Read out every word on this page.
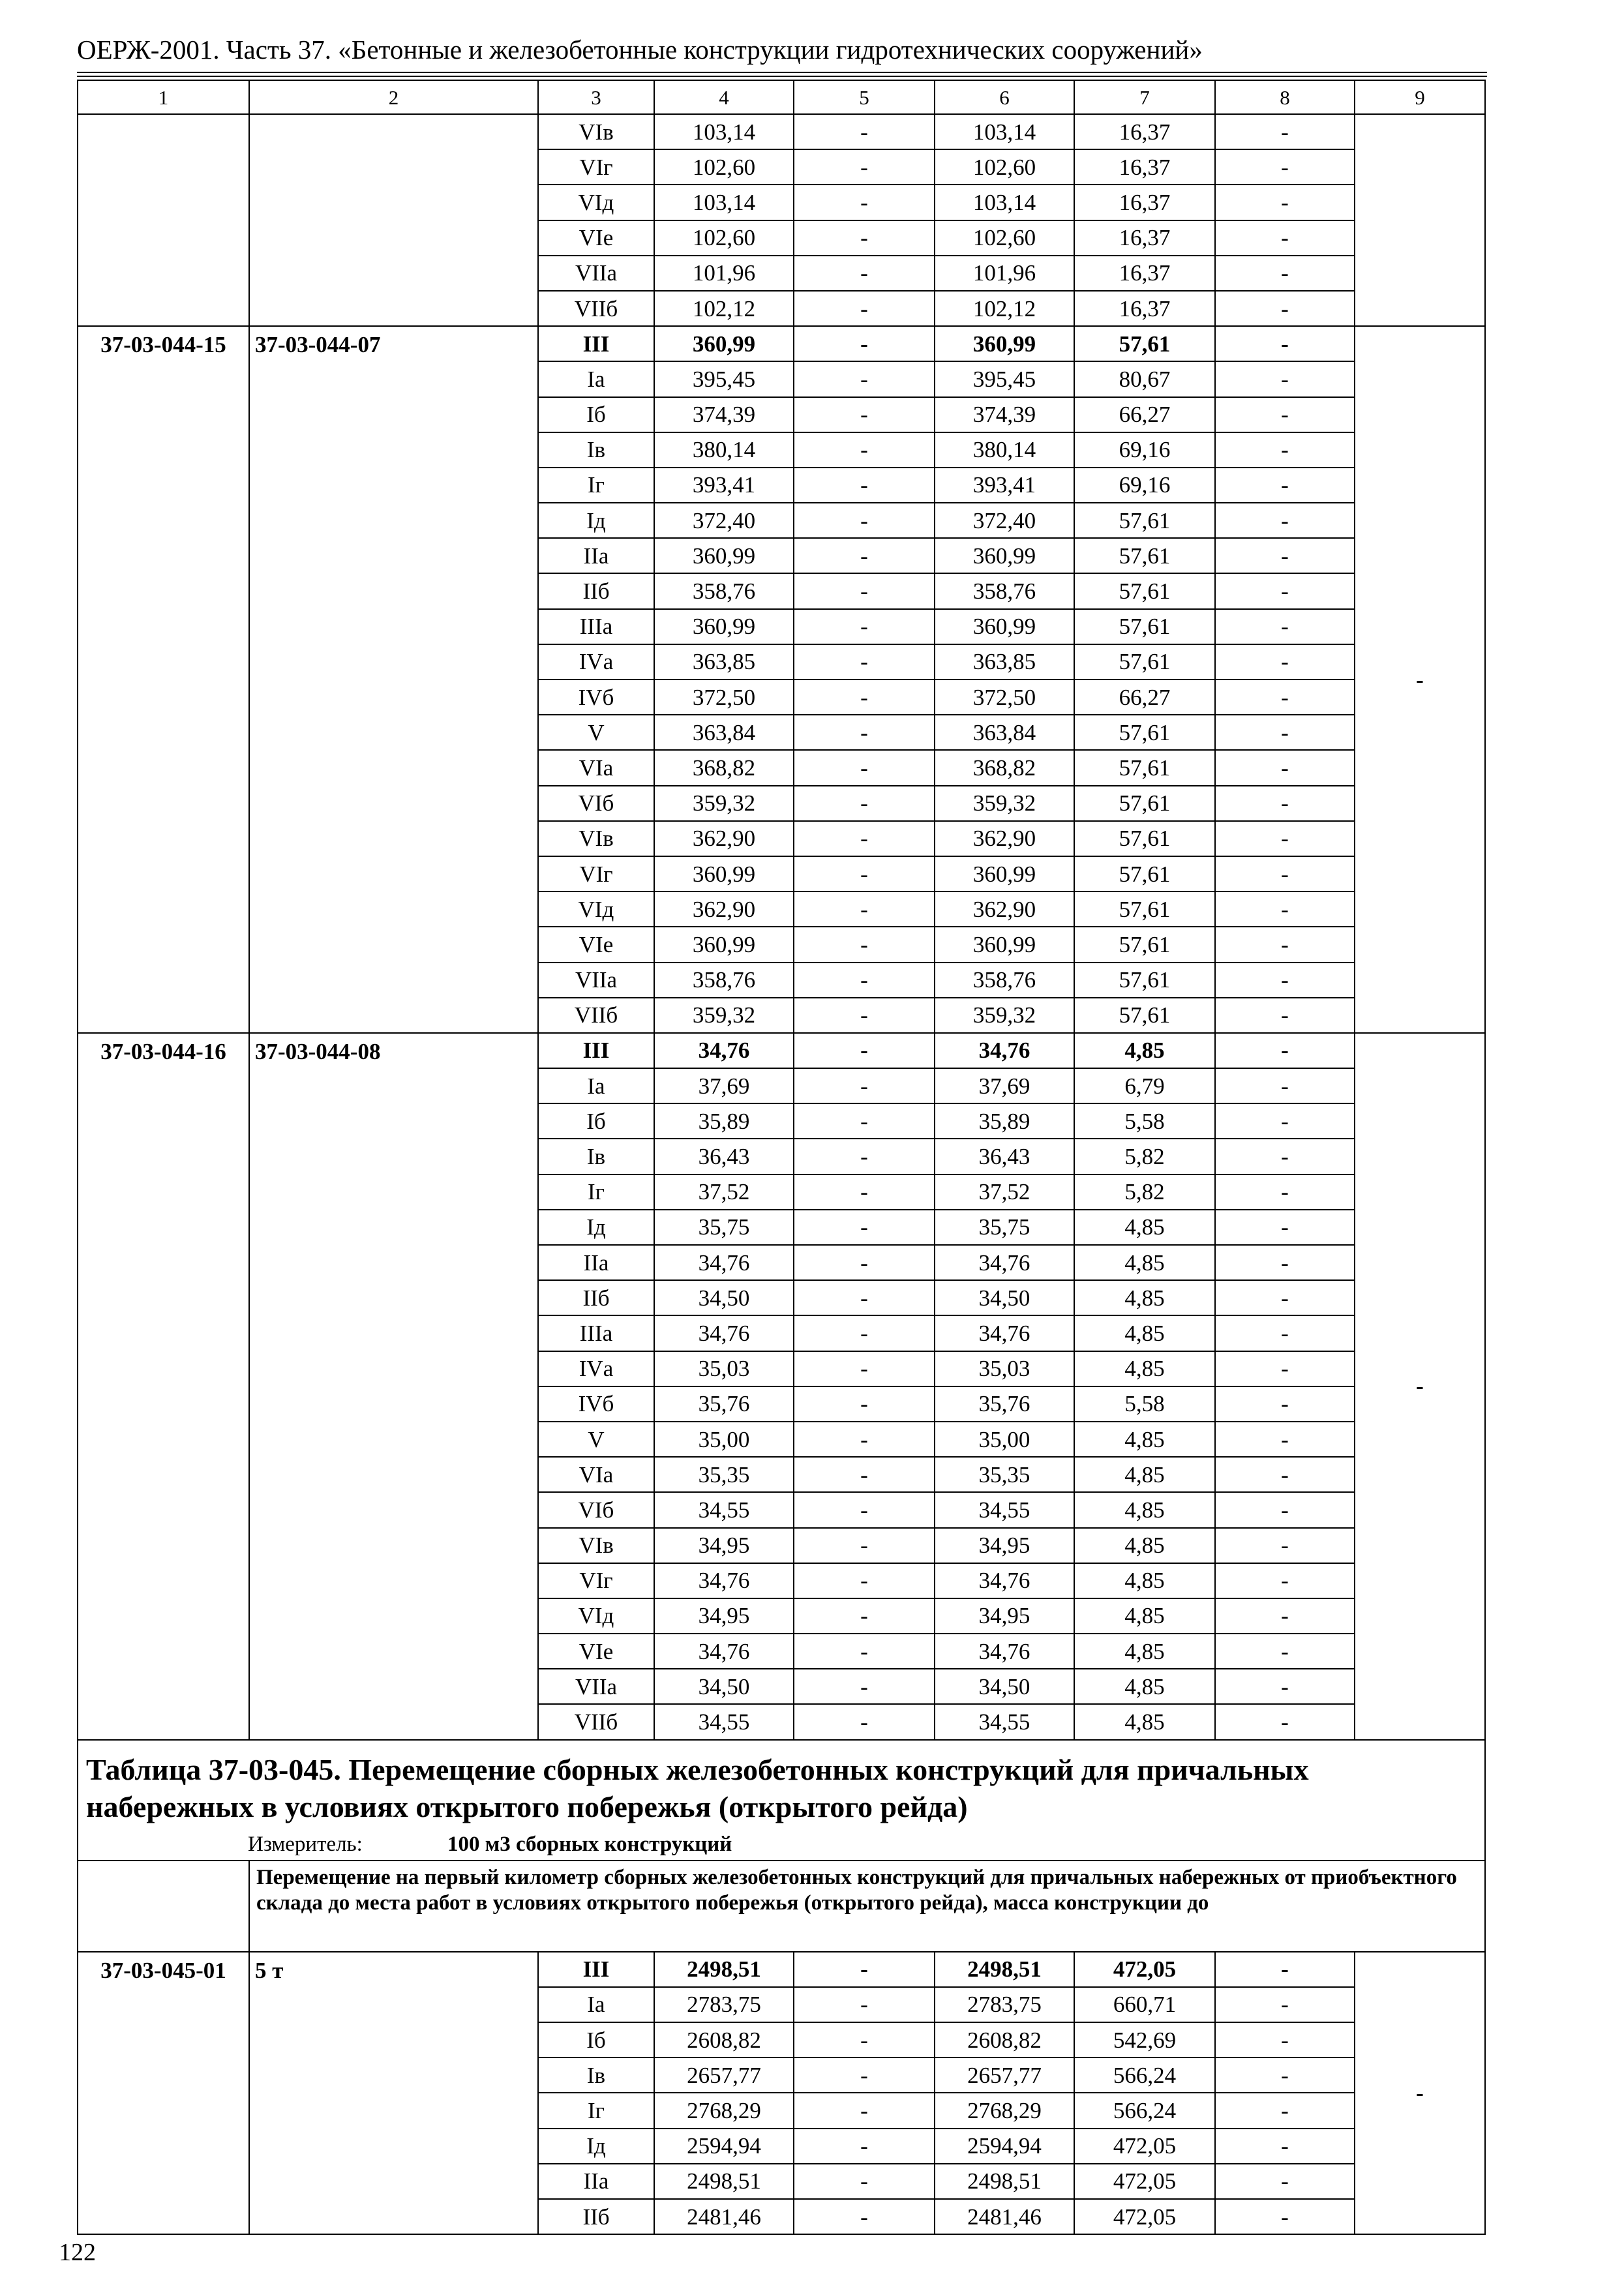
ОЕРЖ-2001. Часть 37. «Бетонные и железобетонные конструкции гидротехнических сооружений»
1	2	3	4	5	6	7	8	9
		VIв	103,14	-	103,14	16,37	-	
		VIг	102,60	-	102,60	16,37	-	
		VIд	103,14	-	103,14	16,37	-	
		VIе	102,60	-	102,60	16,37	-	
		VIIа	101,96	-	101,96	16,37	-	
		VIIб	102,12	-	102,12	16,37	-	
37-03-044-15	37-03-044-07	III	360,99	-	360,99	57,61	-	-
		Iа	395,45	-	395,45	80,67	-	
		Iб	374,39	-	374,39	66,27	-	
		Iв	380,14	-	380,14	69,16	-	
		Iг	393,41	-	393,41	69,16	-	
		Iд	372,40	-	372,40	57,61	-	
		IIа	360,99	-	360,99	57,61	-	
		IIб	358,76	-	358,76	57,61	-	
		IIIа	360,99	-	360,99	57,61	-	
		IVа	363,85	-	363,85	57,61	-	
		IVб	372,50	-	372,50	66,27	-	
		V	363,84	-	363,84	57,61	-	
		VIа	368,82	-	368,82	57,61	-	
		VIб	359,32	-	359,32	57,61	-	
		VIв	362,90	-	362,90	57,61	-	
		VIг	360,99	-	360,99	57,61	-	
		VIд	362,90	-	362,90	57,61	-	
		VIе	360,99	-	360,99	57,61	-	
		VIIа	358,76	-	358,76	57,61	-	
		VIIб	359,32	-	359,32	57,61	-	
37-03-044-16	37-03-044-08	III	34,76	-	34,76	4,85	-	-
		Iа	37,69	-	37,69	6,79	-	
		Iб	35,89	-	35,89	5,58	-	
		Iв	36,43	-	36,43	5,82	-	
		Iг	37,52	-	37,52	5,82	-	
		Iд	35,75	-	35,75	4,85	-	
		IIа	34,76	-	34,76	4,85	-	
		IIб	34,50	-	34,50	4,85	-	
		IIIа	34,76	-	34,76	4,85	-	
		IVа	35,03	-	35,03	4,85	-	
		IVб	35,76	-	35,76	5,58	-	
		V	35,00	-	35,00	4,85	-	
		VIа	35,35	-	35,35	4,85	-	
		VIб	34,55	-	34,55	4,85	-	
		VIв	34,95	-	34,95	4,85	-	
		VIг	34,76	-	34,76	4,85	-	
		VIд	34,95	-	34,95	4,85	-	
		VIе	34,76	-	34,76	4,85	-	
		VIIа	34,50	-	34,50	4,85	-	
		VIIб	34,55	-	34,55	4,85	-	

Таблица 37-03-045. Перемещение сборных железобетонных конструкций для причальных набережных в условиях открытого побережья (открытого рейда)
Измеритель: 100 м3 сборных конструкций								

	Перемещение на первый километр сборных железобетонных конструкций для причальных набережных от приобъектного склада до места работ в условиях открытого побережья (открытого рейда), масса конструкции до							
37-03-045-01	5 т	III	2498,51	-	2498,51	472,05	-	-
		Iа	2783,75	-	2783,75	660,71	-	
		Iб	2608,82	-	2608,82	542,69	-	
		Iв	2657,77	-	2657,77	566,24	-	
		Iг	2768,29	-	2768,29	566,24	-	
		Iд	2594,94	-	2594,94	472,05	-	
		IIа	2498,51	-	2498,51	472,05	-	
		IIб	2481,46	-	2481,46	472,05	-	
122
